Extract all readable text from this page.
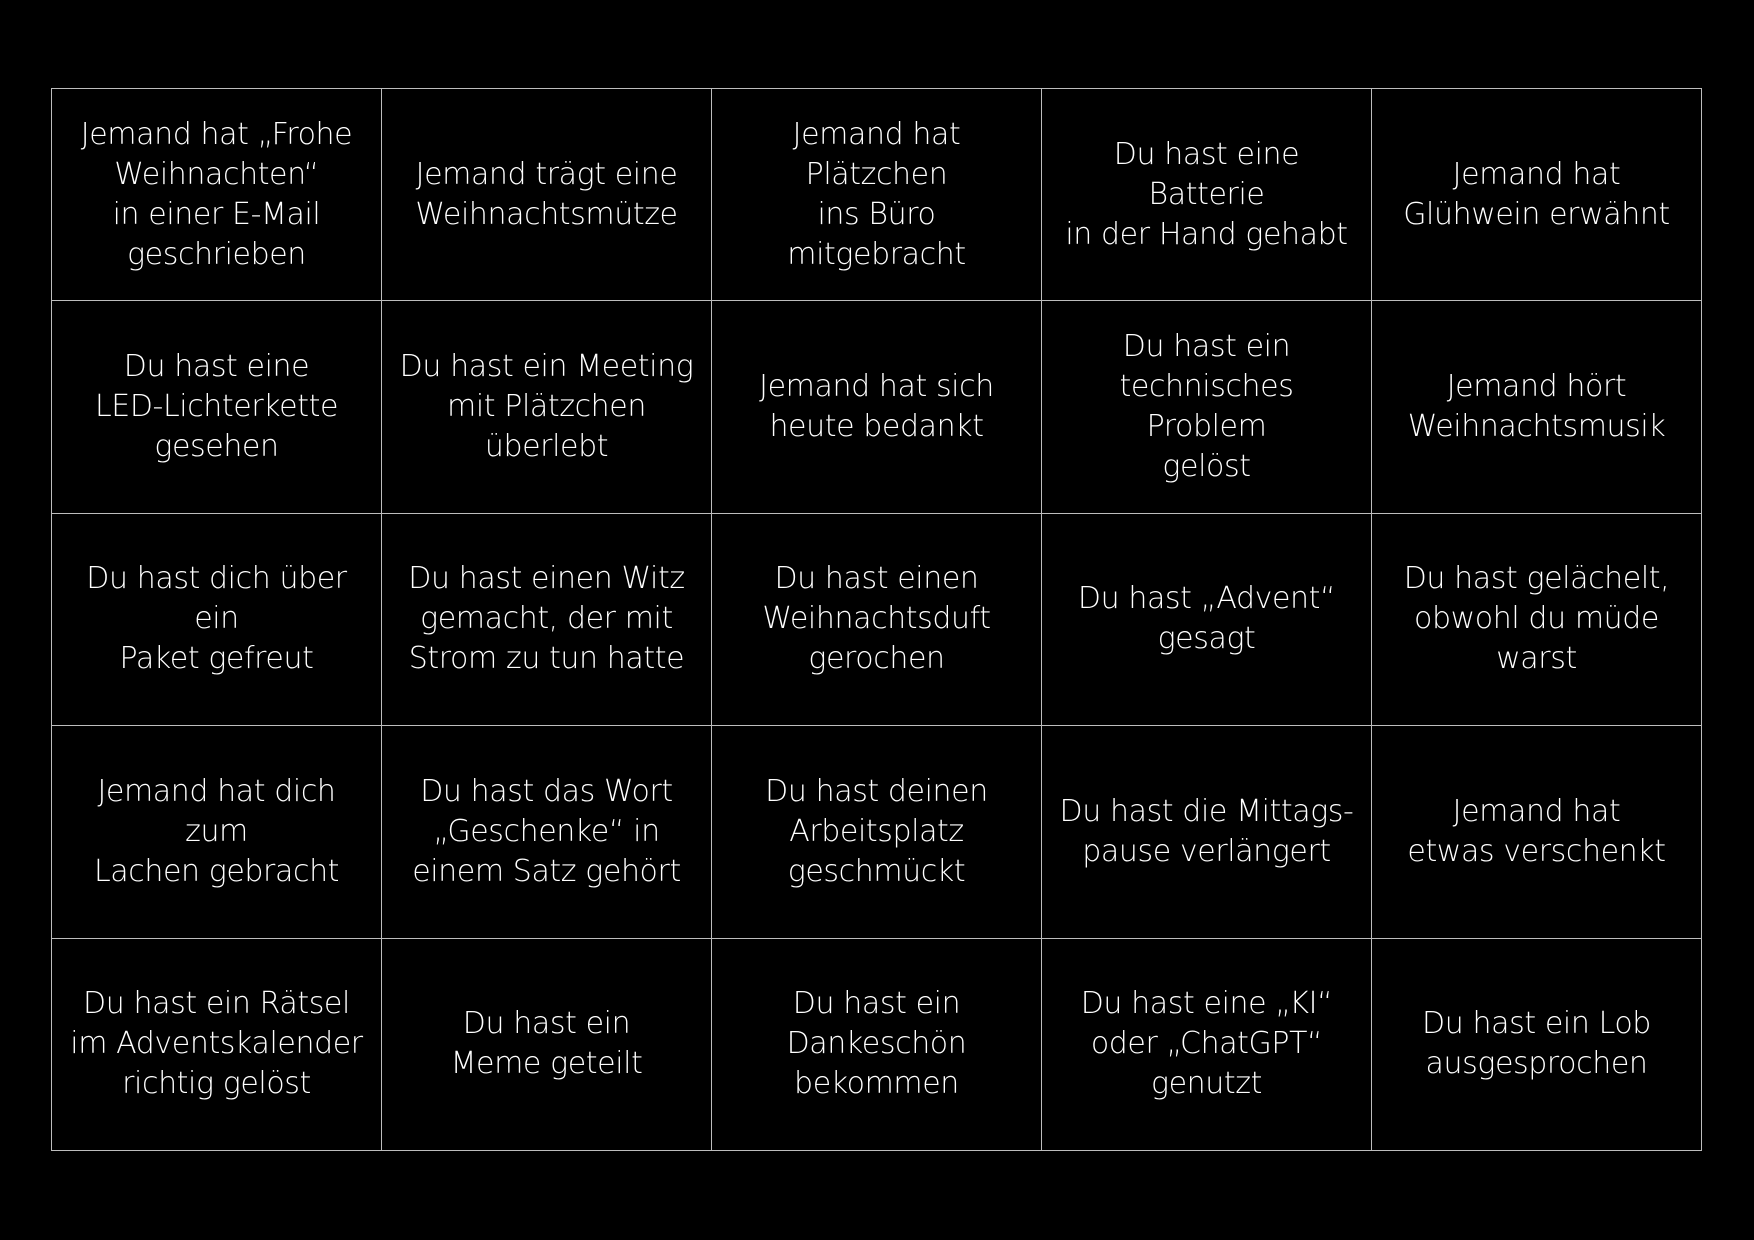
Jemand hat „Frohe
Weihnachten“
in einer E-Mail
geschrieben
Jemand trägt eine
Weihnachtsmütze
Jemand hat Plätzchen
ins Büro mitgebracht
Du hast eine Batterie
in der Hand gehabt
Jemand hat
Glühwein erwähnt
Du hast eine
LED-Lichterkette
gesehen
Du hast ein Meeting
mit Plätzchen
überlebt
Jemand hat sich
heute bedankt
Du hast ein
technisches Problem
gelöst
Jemand hört
Weihnachtsmusik
Du hast dich über ein
Paket gefreut
Du hast einen Witz
gemacht, der mit
Strom zu tun hatte
Du hast einen
Weihnachtsduft
gerochen
Du hast „Advent“
gesagt
Du hast gelächelt,
obwohl du müde
warst
Jemand hat dich zum
Lachen gebracht
Du hast das Wort
„Geschenke“ in
einem Satz gehört
Du hast deinen
Arbeitsplatz
geschmückt
Du hast die Mittags-
pause verlängert
Jemand hat
etwas verschenkt
Du hast ein Rätsel
im Adventskalender
richtig gelöst
Du hast ein
Meme geteilt
Du hast ein
Dankeschön
bekommen
Du hast eine „KI“
oder „ChatGPT“
genutzt
Du hast ein Lob
ausgesprochen
